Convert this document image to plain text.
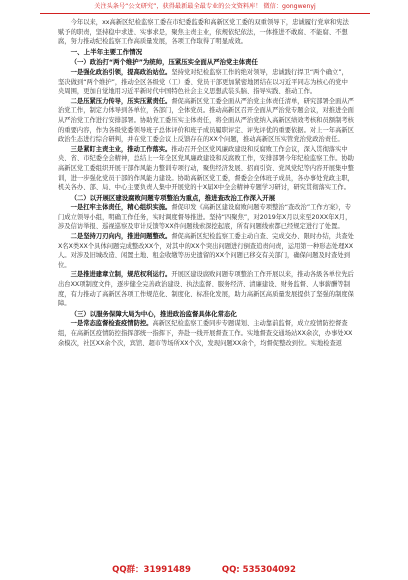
关注头条号“公文研究”，获得最新最全最专业的公文资料库！ 微信：gongwenyj

今年以来，xx高新区纪检监察工委在市纪委监委和高新区党工委的双重领导下，忠诚履行党章和宪法赋予的职责，坚持稳中求进、实事求是，聚焦主责主业，依规依纪依法，一体推进不敢腐、不能腐、不想腐，努力推动纪检监察工作高质量发展，各项工作取得了明显成效。

一、上半年主要工作情况
（一）政治打“两个维护”为统帅，压紧压实全面从严治党主体责任

一是强化政治引领，提高政治站位。坚持党对纪检监察工作的绝对领导，忠诚践行捍卫“两个确立”，坚决做到“两个维护”，推动全区各级党（工）委、党员干部更加紧密地团结在以习近平同志为核心的党中央周围，更加自觉地用习近平新时代中国特色社会主义思想武装头脑、指导实践、推动工作。

二是压紧压力传导，压实压紧责任。督促高新区党工委全面从严治党主体责任清单，研究部署全面从严治党工作，制定力体导到各单位，各部门，全体党员。推动高新区召开全面从严治党专题会议，对推进全面从严治党工作进行安排部署。协助党工委压实主体责任，将全面从严治党纳入高新区绩效考核和员额制考核的重要内容，作为各级党委领导班子总体评价和班子成员履职评定、评先评优的重要依据。对上一年高新区政治生态进行综合研判，并在党工委会议上反馈存在的XX个问题，推动高新区压实管党治党政治责任。

三是紧盯主责主业，推动工作落实。推动召开全区党风廉政建设和反腐败工作会议，深入贯彻落实中央、省、市纪委全会精神，总结上一年全区党风廉政建设和反腐败工作，安排部署今年纪检监察工作。协助高新区党工委组织开展干部作风能力整训专项行动，聚焦经济发展、招商引资、党风党纪等内容开展集中整训，进一步强化党员干部的作风能力建设。协助高新区党工委，督委会全体班子成员，各办事处党政主职，机关各办、部、局、中心主要负责人集中开展党的十X届X中全会精神专题学习研讨，研究贯彻落实工作。

（二）以开展区建设腐败问题专项整治为重点，推进查改治工作深入开展

一是扛牢主体责任，精心组织实施。督促印发《高新区建设腐败问题专项整治“查改治”工作方案》，专门成立领导小组，明确工作任务，实时调度督导推进。坚持“四聚焦”，对2019年X月以来至20XX年X月，涉及信访举报、巡视巡察及审计反馈等XX件问题线索深挖起底，所有问题线索都已经规定进行了处置。

二是坚持刀刃向内，推进问题整改。督促高新区纪检监察工委主动自查、完成交办、限时办结，共查处X名X类XX个具体问题完成整改XX个，对其中的XX个突出问题进行倒查追责问责，运用第一种形态处理XX人。对涉及旧城改造、闲置土地、租金收缴等历史遗留的XX个问题已移交有关部门，确保问题及时查处到位。

三是推进建章立制，规范权利运行。开展区建设腐败问题专项整治工作开展以来，推动各級各单位先后出台XX项制度文件，逐步健全完善政治建设、执法监督、服务经济、清廉建设、财务监督、人事薪酬等制度，有力推动了高新区各项工作规范化、制度化、标准化发展，助力高新区高质量发展提供了坚强的制度保障。

（三）以服务保障大局为中心，推进政治监督具体化常态化

一是常态监督检查疫情防控。高新区纪检监察工委同步专题谋划、主动靠前监督，成立疫情防控督查组，在高新区疫情防控指挥部统一指挥下，奔赴一线开展督查工作。实地督查交通场站XX余次，办事处XX余模次，社区XX余个次，宾馆、超市等场所XX个次，发现问题XX余个，均督促整改到位。实地检查返

QQ群：31991489	QQ: 535304092
